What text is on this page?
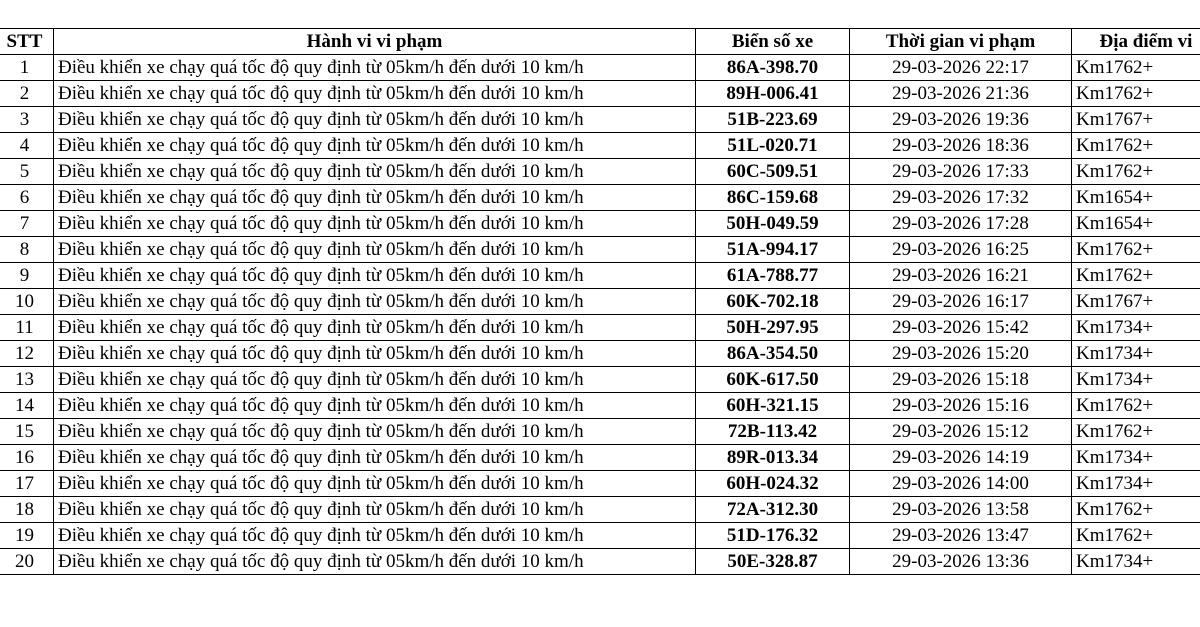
STT	Hành vi vi phạm	Biển số xe	Thời gian vi phạm	Địa điểm vi
1	Điều khiển xe chạy quá tốc độ quy định từ 05km/h đến dưới 10 km/h	86A-398.70	29-03-2026 22:17	Km1762+
2	Điều khiển xe chạy quá tốc độ quy định từ 05km/h đến dưới 10 km/h	89H-006.41	29-03-2026 21:36	Km1762+
3	Điều khiển xe chạy quá tốc độ quy định từ 05km/h đến dưới 10 km/h	51B-223.69	29-03-2026 19:36	Km1767+
4	Điều khiển xe chạy quá tốc độ quy định từ 05km/h đến dưới 10 km/h	51L-020.71	29-03-2026 18:36	Km1762+
5	Điều khiển xe chạy quá tốc độ quy định từ 05km/h đến dưới 10 km/h	60C-509.51	29-03-2026 17:33	Km1762+
6	Điều khiển xe chạy quá tốc độ quy định từ 05km/h đến dưới 10 km/h	86C-159.68	29-03-2026 17:32	Km1654+
7	Điều khiển xe chạy quá tốc độ quy định từ 05km/h đến dưới 10 km/h	50H-049.59	29-03-2026 17:28	Km1654+
8	Điều khiển xe chạy quá tốc độ quy định từ 05km/h đến dưới 10 km/h	51A-994.17	29-03-2026 16:25	Km1762+
9	Điều khiển xe chạy quá tốc độ quy định từ 05km/h đến dưới 10 km/h	61A-788.77	29-03-2026 16:21	Km1762+
10	Điều khiển xe chạy quá tốc độ quy định từ 05km/h đến dưới 10 km/h	60K-702.18	29-03-2026 16:17	Km1767+
11	Điều khiển xe chạy quá tốc độ quy định từ 05km/h đến dưới 10 km/h	50H-297.95	29-03-2026 15:42	Km1734+
12	Điều khiển xe chạy quá tốc độ quy định từ 05km/h đến dưới 10 km/h	86A-354.50	29-03-2026 15:20	Km1734+
13	Điều khiển xe chạy quá tốc độ quy định từ 05km/h đến dưới 10 km/h	60K-617.50	29-03-2026 15:18	Km1734+
14	Điều khiển xe chạy quá tốc độ quy định từ 05km/h đến dưới 10 km/h	60H-321.15	29-03-2026 15:16	Km1762+
15	Điều khiển xe chạy quá tốc độ quy định từ 05km/h đến dưới 10 km/h	72B-113.42	29-03-2026 15:12	Km1762+
16	Điều khiển xe chạy quá tốc độ quy định từ 05km/h đến dưới 10 km/h	89R-013.34	29-03-2026 14:19	Km1734+
17	Điều khiển xe chạy quá tốc độ quy định từ 05km/h đến dưới 10 km/h	60H-024.32	29-03-2026 14:00	Km1734+
18	Điều khiển xe chạy quá tốc độ quy định từ 05km/h đến dưới 10 km/h	72A-312.30	29-03-2026 13:58	Km1762+
19	Điều khiển xe chạy quá tốc độ quy định từ 05km/h đến dưới 10 km/h	51D-176.32	29-03-2026 13:47	Km1762+
20	Điều khiển xe chạy quá tốc độ quy định từ 05km/h đến dưới 10 km/h	50E-328.87	29-03-2026 13:36	Km1734+
